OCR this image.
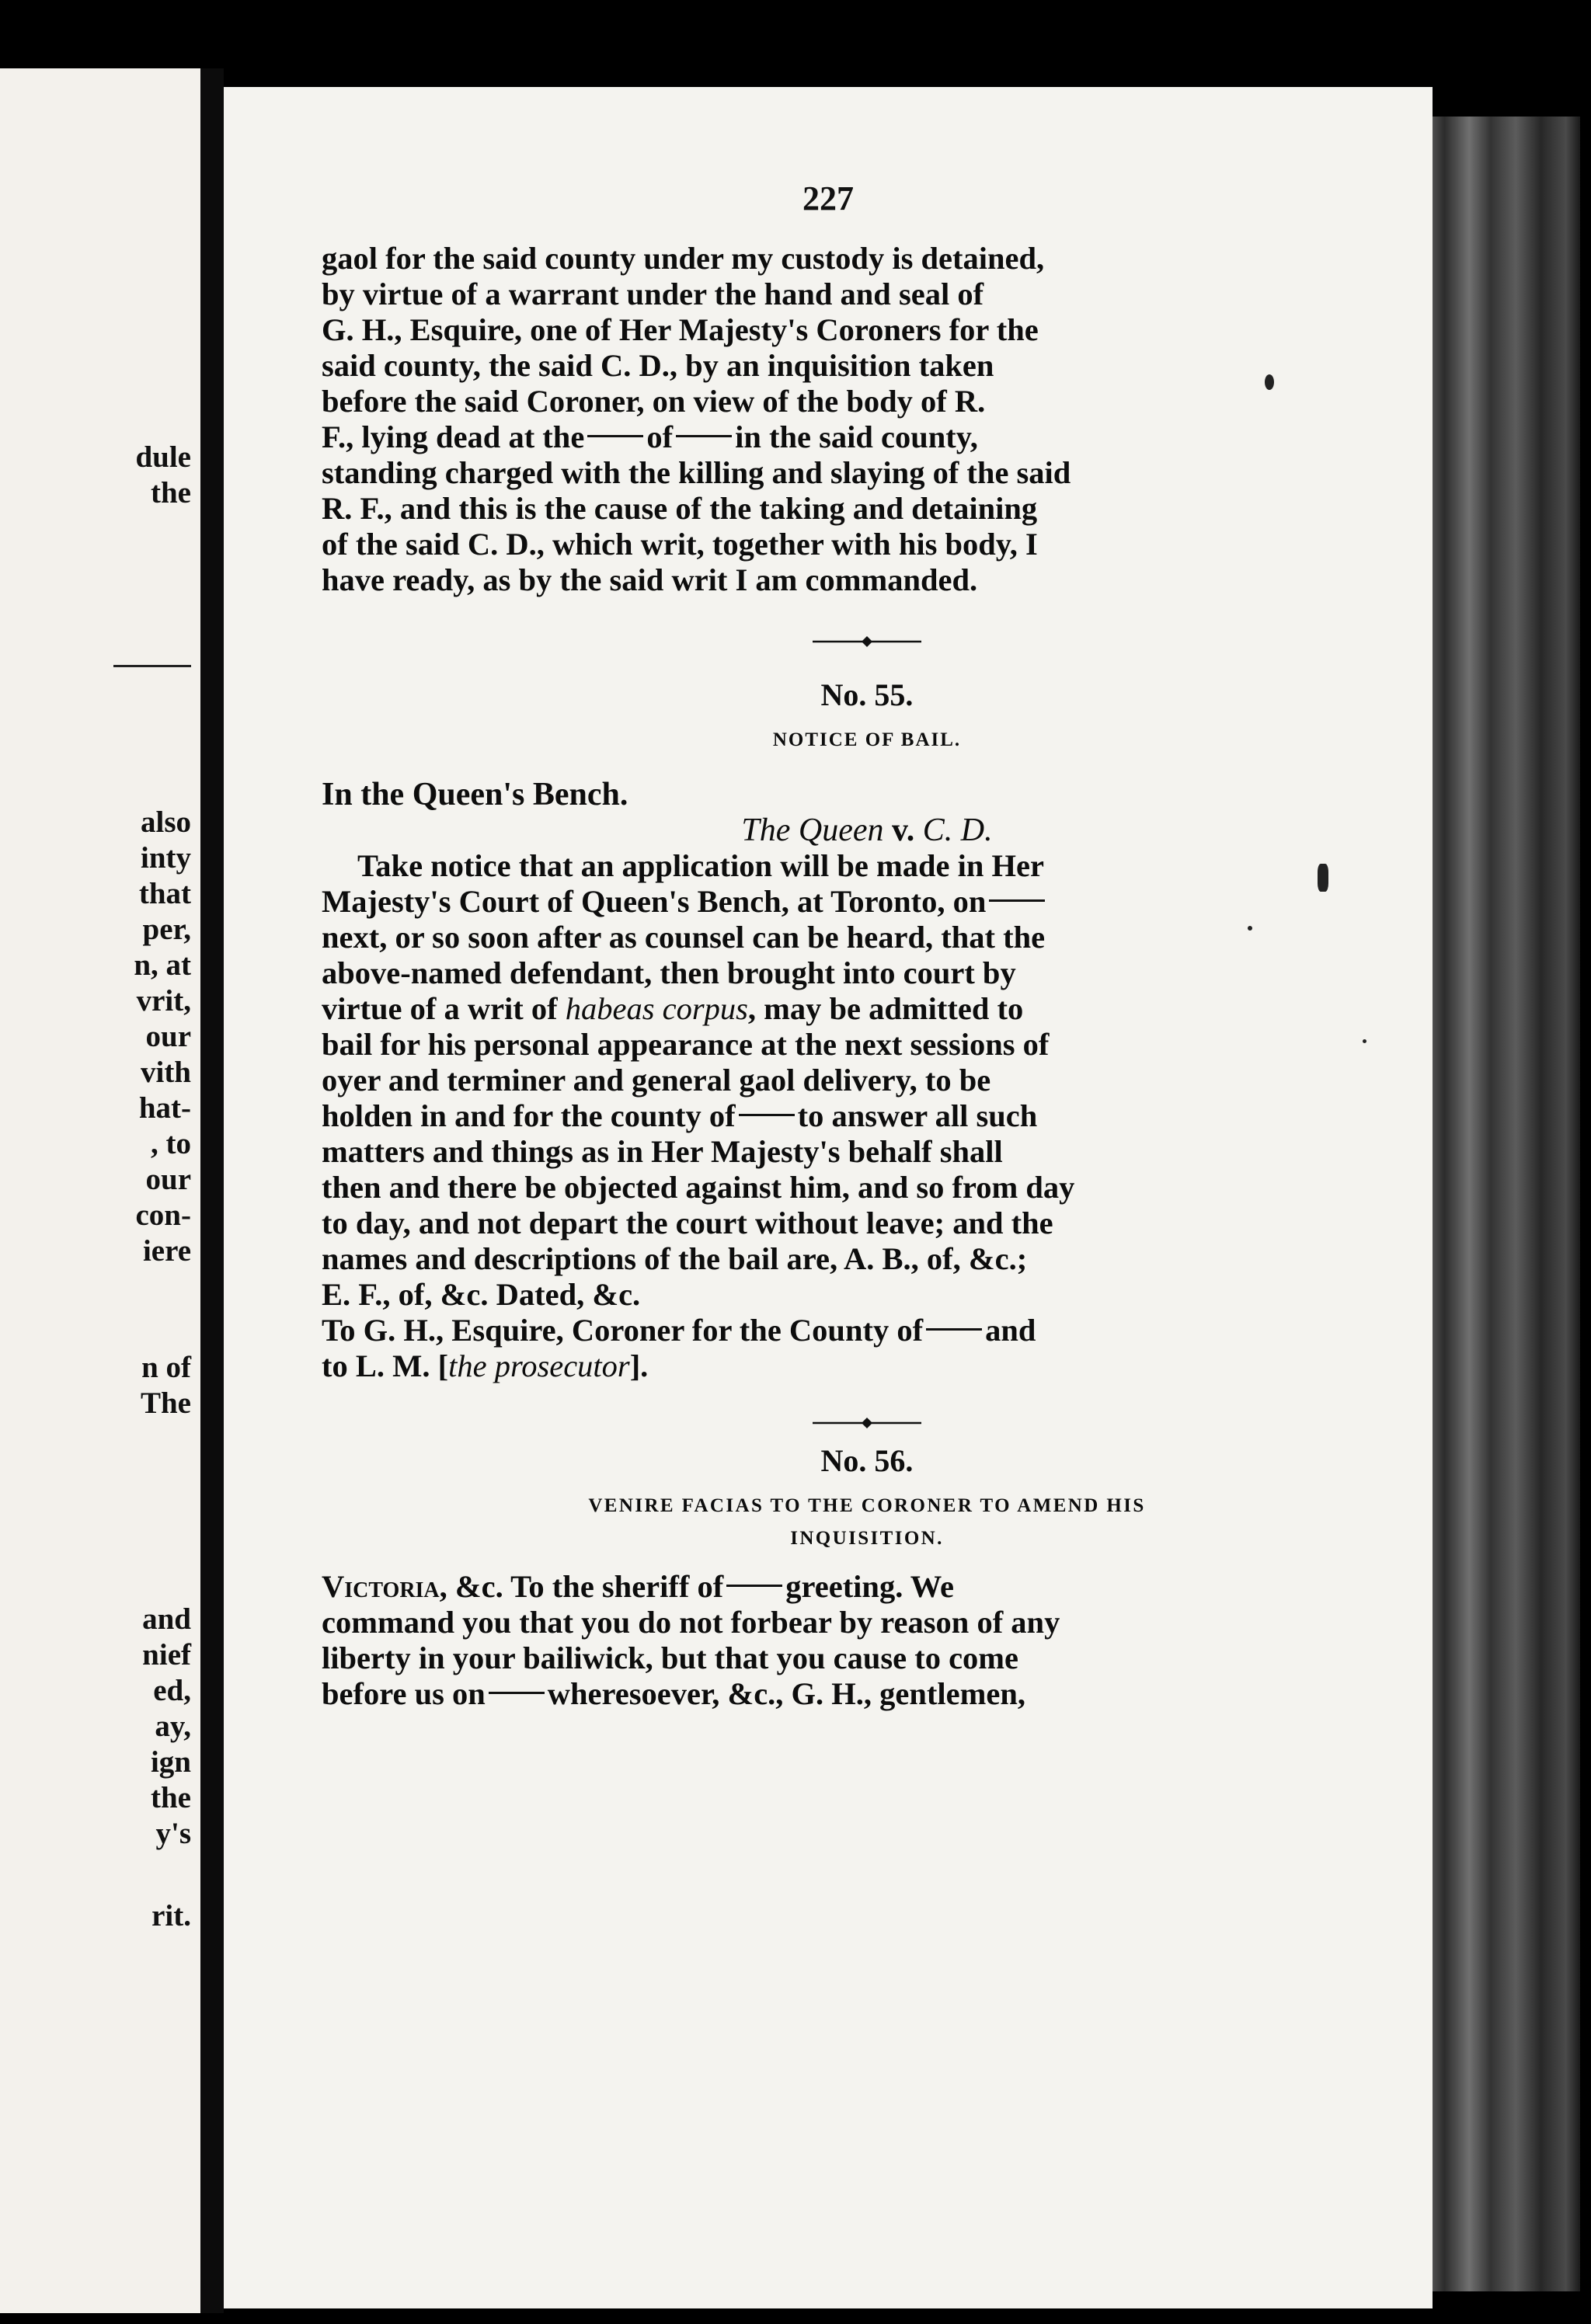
dule
the
also
inty
that
per,
n, at
vrit,
our
vith
hat-
, to
our
con-
iere
n of
The
and
nief
ed,
ay,
ign
the
y's
rit.
227

gaol for the said county under my custody is detained,

by virtue of a warrant under the hand and seal of

G. H., Esquire, one of Her Majesty's Coroners for the

said county, the said C. D., by an inquisition taken

before the said Coroner, on view of the body of R.

F., lying dead at the of in the said county,

standing charged with the killing and slaying of the said

R. F., and this is the cause of the taking and detaining

of the said C. D., which writ, together with his body, I

have ready, as by the said writ I am commanded.

No. 55.

NOTICE OF BAIL.

In the Queen's Bench.

The Queen v. C. D.

Take notice that an application will be made in Her

Majesty's Court of Queen's Bench, at Toronto, on

next, or so soon after as counsel can be heard, that the

above-named defendant, then brought into court by

virtue of a writ of habeas corpus, may be admitted to

bail for his personal appearance at the next sessions of

oyer and terminer and general gaol delivery, to be

holden in and for the county of to answer all such

matters and things as in Her Majesty's behalf shall

then and there be objected against him, and so from day

to day, and not depart the court without leave; and the

names and descriptions of the bail are, A. B., of, &c.;

E. F., of, &c. Dated, &c.

To G. H., Esquire, Coroner for the County of and

to L. M. [the prosecutor].

No. 56.

VENIRE FACIAS TO THE CORONER TO AMEND HIS
INQUISITION.

Victoria, &c. To the sheriff of greeting. We

command you that you do not forbear by reason of any

liberty in your bailiwick, but that you cause to come

before us on wheresoever, &c., G. H., gentlemen,
